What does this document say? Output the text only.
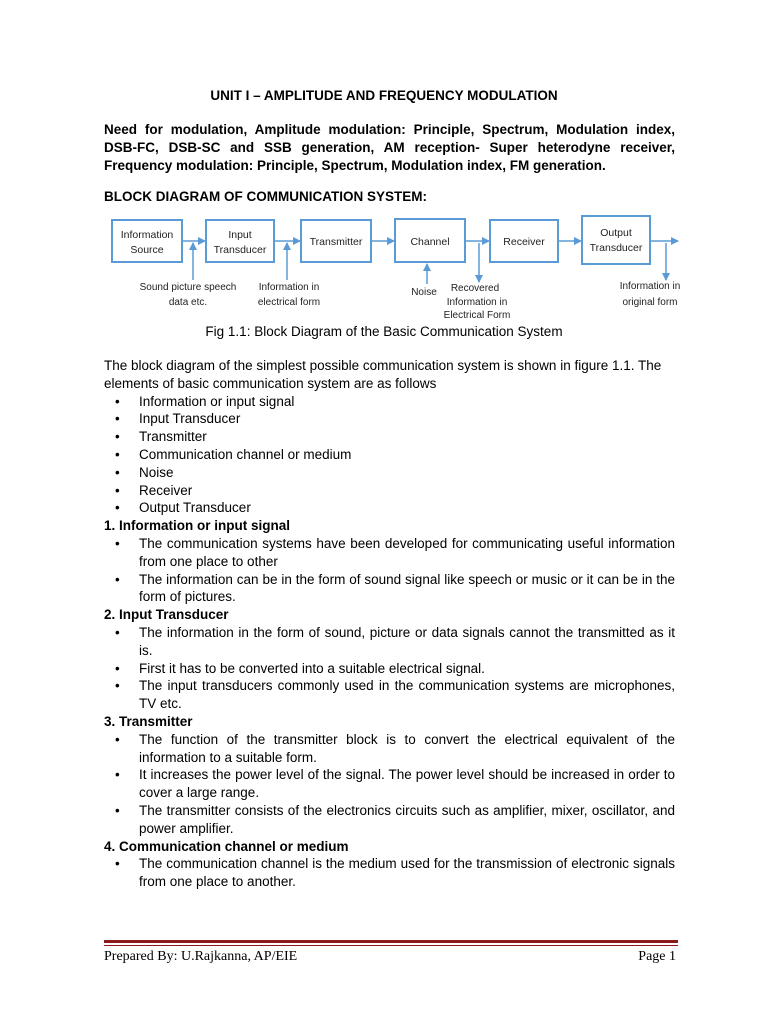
UNIT I – AMPLITUDE AND FREQUENCY MODULATION
Need for modulation, Amplitude modulation: Principle, Spectrum, Modulation index, DSB-FC, DSB-SC and SSB generation, AM reception- Super heterodyne receiver, Frequency modulation: Principle, Spectrum, Modulation index, FM generation.
BLOCK DIAGRAM OF COMMUNICATION SYSTEM:
Information
Source
Input
Transducer
Transmitter	Channel	Receiver
Output
Transducer
Sound picture speech
data etc.
Information in
electrical form
Noise Recovered
Information in
Electrical Form
Information in
original form
Fig 1.1: Block Diagram of the Basic Communication System

The block diagram of the simplest possible communication system is shown in figure 1.1. The elements of basic communication system are as follows

• Information or input signal
• Input Transducer
• Transmitter
• Communication channel or medium
• Noise
• Receiver
• Output Transducer

1. Information or input signal

• The communication systems have been developed for communicating useful information from one place to other
• The information can be in the form of sound signal like speech or music or it can be in the form of pictures.

2. Input Transducer

• The information in the form of sound, picture or data signals cannot the transmitted as it is.
• First it has to be converted into a suitable electrical signal.
• The input transducers commonly used in the communication systems are microphones, TV etc.

3. Transmitter

• The function of the transmitter block is to convert the electrical equivalent of the information to a suitable form.
• It increases the power level of the signal. The power level should be increased in order to cover a large range.
• The transmitter consists of the electronics circuits such as amplifier, mixer, oscillator, and power amplifier.

4. Communication channel or medium

• The communication channel is the medium used for the transmission of electronic signals from one place to another.
Prepared By: U.Rajkanna, AP/EIE	Page 1
